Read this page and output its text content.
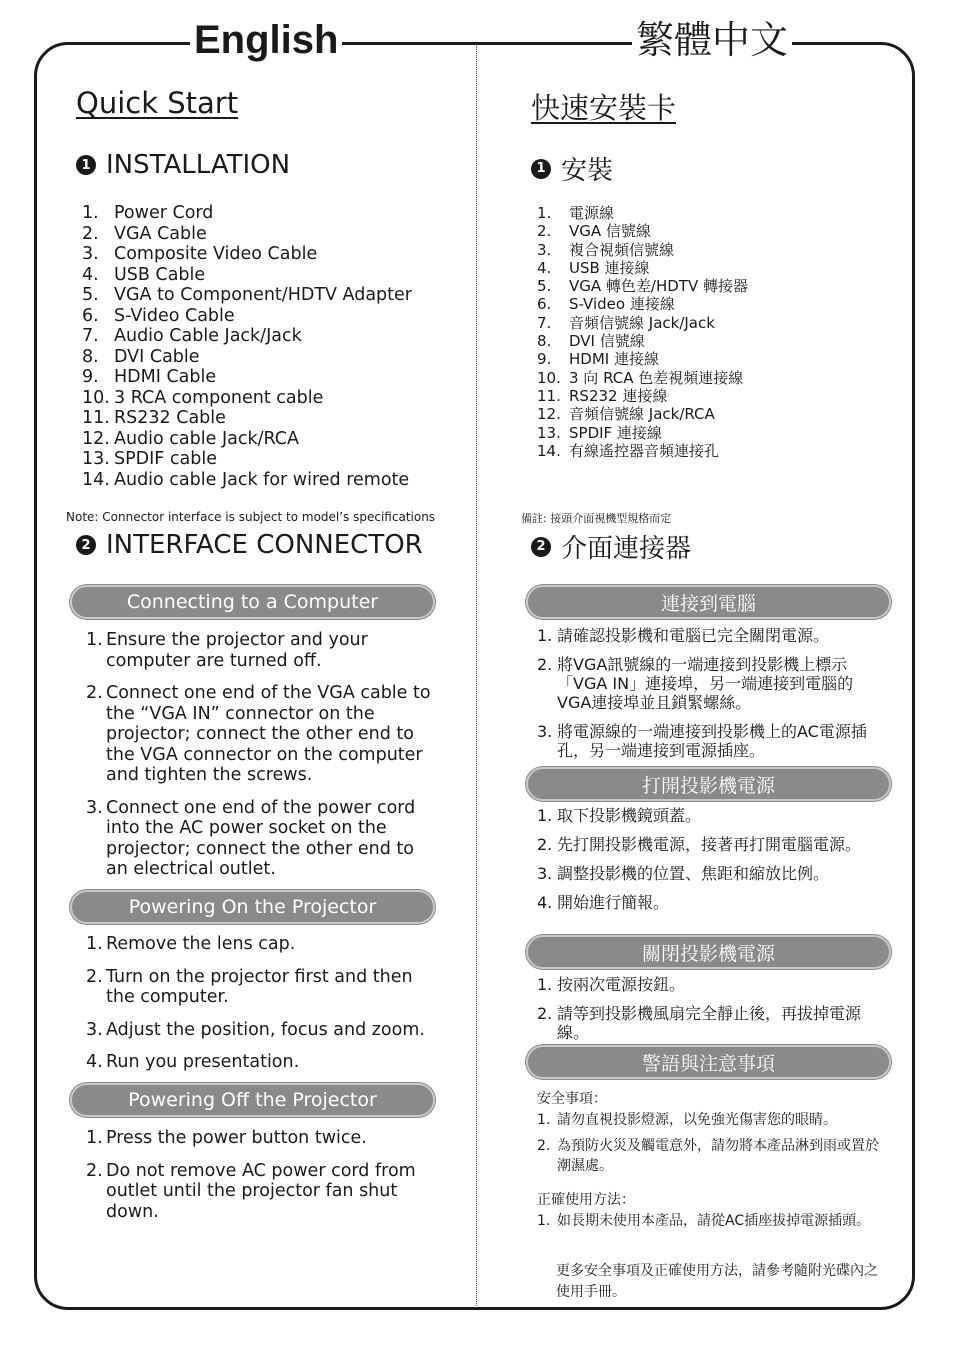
English	繁體中文
Quick Start
1 INSTALLATION
1. Power Cord
2. VGA Cable
3. Composite Video Cable
4. USB Cable
5. VGA to Component/HDTV Adapter
6. S-Video Cable
7. Audio Cable Jack/Jack
8. DVI Cable
9. HDMI Cable
10. 3 RCA component cable
11. RS232 Cable
12. Audio cable Jack/RCA
13. SPDIF cable
14. Audio cable Jack for wired remote
Note: Connector interface is subject to model’s specifications
2 INTERFACE CONNECTOR
Connecting to a Computer
1. Ensure the projector and your computer are turned off.
2. Connect one end of the VGA cable to the “VGA IN” connector on the projector; connect the other end to the VGA connector on the computer and tighten the screws.
3. Connect one end of the power cord into the AC power socket on the projector; connect the other end to an electrical outlet.
Powering On the Projector
1. Remove the lens cap.
2. Turn on the projector first and then the computer.
3. Adjust the position, focus and zoom.
4. Run you presentation.
Powering Off the Projector
1. Press the power button twice.
2. Do not remove AC power cord from outlet until the projector fan shut down.
快速安裝卡
1 安裝
1.	電源線
2.	VGA 信號線
3.	複合視頻信號線
4.	USB 連接線
5.	VGA 轉色差/HDTV 轉接器
6.	S-Video 連接線
7.	音頻信號線 Jack/Jack
8.	DVI 信號線
9.	HDMI 連接線
10. 3 向 RCA 色差視頻連接線
11. RS232 連接線
12. 音頻信號線 Jack/RCA
13. SPDIF 連接線
14. 有線遙控器音頻連接孔
備註: 接頭介面視機型規格而定
2 介面連接器
連接到電腦
1. 請確認投影機和電腦已完全關閉電源。
2. 將VGA訊號線的一端連接到投影機上標示「VGA IN」連接埠，另一端連接到電腦的VGA連接埠並且鎖緊螺絲。
3. 將電源線的一端連接到投影機上的AC電源插孔，另一端連接到電源插座。
打開投影機電源
1. 取下投影機鏡頭蓋。
2. 先打開投影機電源，接著再打開電腦電源。
3. 調整投影機的位置、焦距和縮放比例。
4. 開始進行簡報。
關閉投影機電源
1. 按兩次電源按鈕。
2. 請等到投影機風扇完全靜止後，再拔掉電源線。
警語與注意事項
安全事項：
1. 請勿直視投影燈源，以免強光傷害您的眼睛。
2. 為預防火災及觸電意外，請勿將本產品淋到雨或置於潮濕處。
正確使用方法：
1. 如長期未使用本產品，請從AC插座拔掉電源插頭。
更多安全事項及正確使用方法，請參考隨附光碟內之使用手冊。
